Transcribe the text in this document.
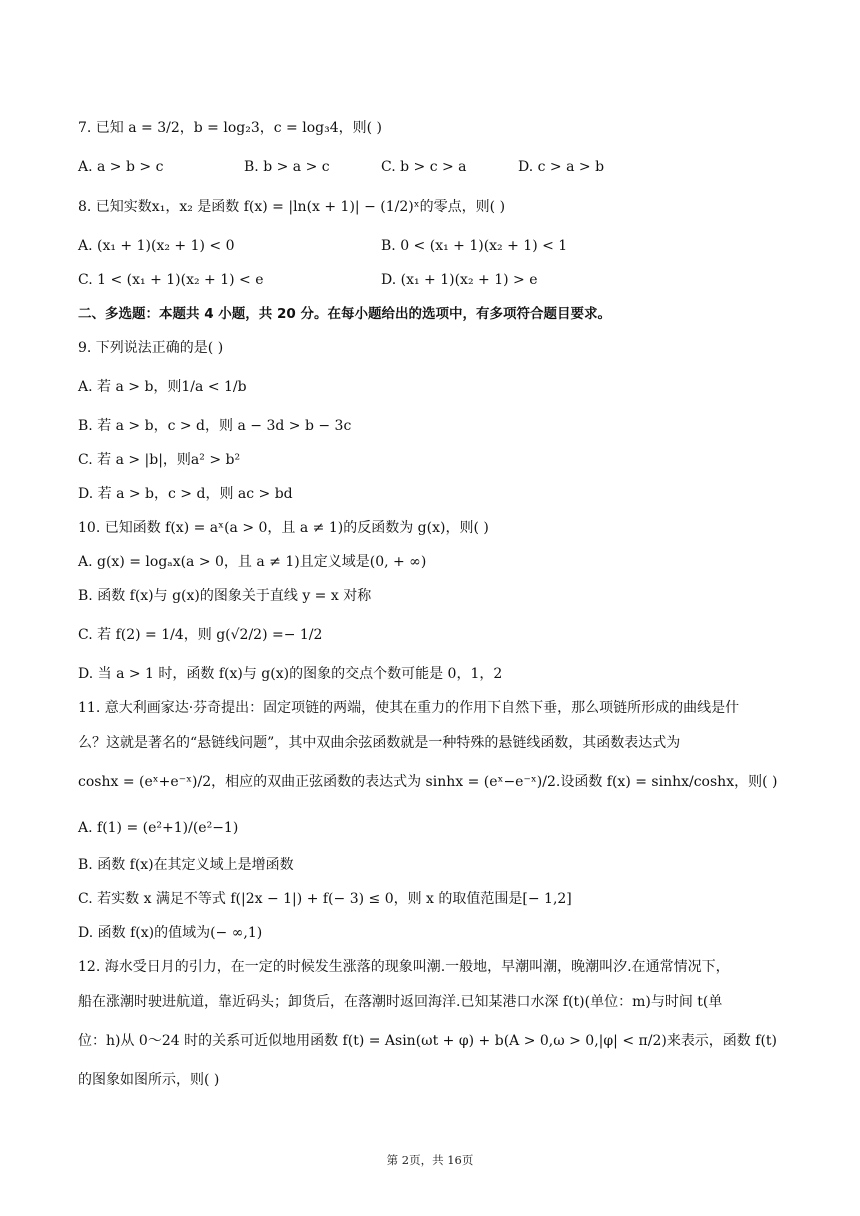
7. 已知 a = 3/2，b = log₂3，c = log₃4，则( )
A. a > b > c	B. b > a > c	C. b > c > a	D. c > a > b
8. 已知实数x₁，x₂ 是函数 f(x) = |ln(x + 1)| − (1/2)ˣ的零点，则( )
A. (x₁ + 1)(x₂ + 1) < 0	B. 0 < (x₁ + 1)(x₂ + 1) < 1
C. 1 < (x₁ + 1)(x₂ + 1) < e	D. (x₁ + 1)(x₂ + 1) > e
二、多选题：本题共 4 小题，共 20 分。在每小题给出的选项中，有多项符合题目要求。
9. 下列说法正确的是( )
A. 若 a > b，则1/a < 1/b
B. 若 a > b，c > d，则 a − 3d > b − 3c
C. 若 a > |b|，则a² > b²
D. 若 a > b，c > d，则 ac > bd
10. 已知函数 f(x) = aˣ(a > 0，且 a ≠ 1)的反函数为 g(x)，则( )
A. g(x) = logₐx(a > 0，且 a ≠ 1)且定义域是(0, + ∞)
B. 函数 f(x)与 g(x)的图象关于直线 y = x 对称
C. 若 f(2) = 1/4，则 g(√2/2) =− 1/2
D. 当 a > 1 时，函数 f(x)与 g(x)的图象的交点个数可能是 0，1，2
11. 意大利画家达·芬奇提出：固定项链的两端，使其在重力的作用下自然下垂，那么项链所形成的曲线是什
么？这就是著名的“悬链线问题”，其中双曲余弦函数就是一种特殊的悬链线函数，其函数表达式为
coshx = (eˣ+e⁻ˣ)/2，相应的双曲正弦函数的表达式为 sinhx = (eˣ−e⁻ˣ)/2.设函数 f(x) = sinhx/coshx，则( )
A. f(1) = (e²+1)/(e²−1)
B. 函数 f(x)在其定义域上是增函数
C. 若实数 x 满足不等式 f(|2x − 1|) + f(− 3) ≤ 0，则 x 的取值范围是[− 1,2]
D. 函数 f(x)的值域为(− ∞,1)
12. 海水受日月的引力，在一定的时候发生涨落的现象叫潮.一般地，早潮叫潮，晚潮叫汐.在通常情况下，
船在涨潮时驶进航道，靠近码头；卸货后，在落潮时返回海洋.已知某港口水深 f(t)(单位：m)与时间 t(单
位：h)从 0～24 时的关系可近似地用函数 f(t) = Asin(ωt + φ) + b(A > 0,ω > 0,|φ| < π/2)来表示，函数 f(t)
的图象如图所示，则( )
第 2页，共 16页
